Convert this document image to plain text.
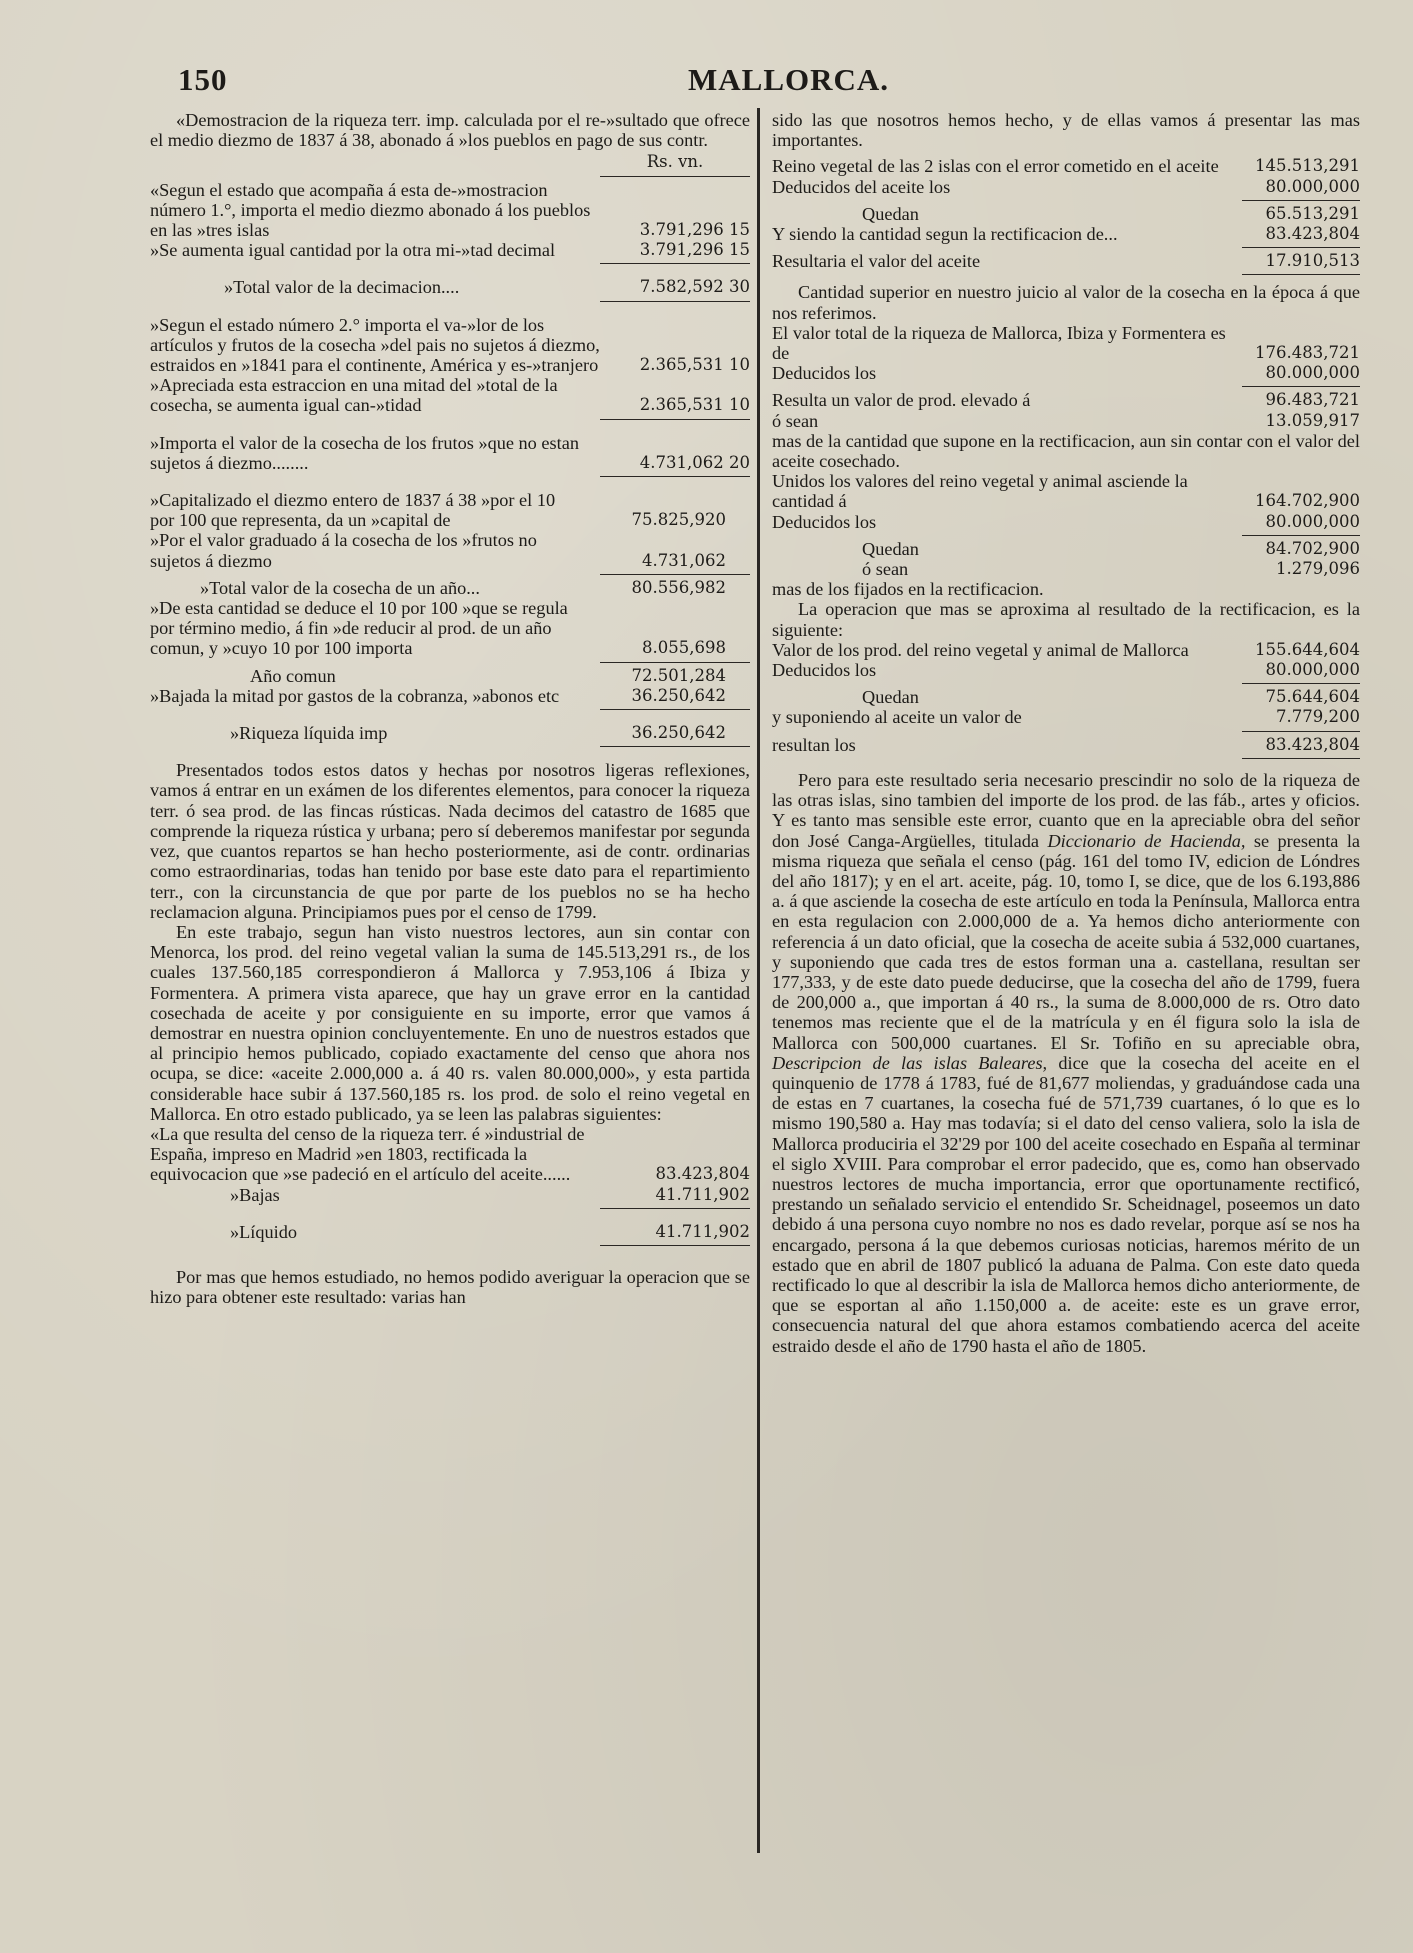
150	MALLORCA.

«Demostracion de la riqueza terr. imp. calculada por el re-»sultado que ofrece el medio diezmo de 1837 á 38, abonado á »los pueblos en pago de sus contr.

Rs. vn.
«Segun el estado que acompaña á esta de-»mostracion número 1.°, importa el medio diezmo abonado á los pueblos en las »tres islas	3.791,296 15
»Se aumenta igual cantidad por la otra mi-»tad decimal	3.791,296 15
»Total valor de la decimacion....	7.582,592 30
»Segun el estado número 2.° importa el va-»lor de los artículos y frutos de la cosecha »del pais no sujetos á diezmo, estraidos en »1841 para el continente, América y es-»tranjero	2.365,531 10
»Apreciada esta estraccion en una mitad del »total de la cosecha, se aumenta igual can-»tidad	2.365,531 10
»Importa el valor de la cosecha de los frutos »que no estan sujetos á diezmo........	4.731,062 20
»Capitalizado el diezmo entero de 1837 á 38 »por el 10 por 100 que representa, da un »capital de	75.825,920
»Por el valor graduado á la cosecha de los »frutos no sujetos á diezmo	4.731,062
»Total valor de la cosecha de un año...	80.556,982
»De esta cantidad se deduce el 10 por 100 »que se regula por término medio, á fin »de reducir al prod. de un año comun, y »cuyo 10 por 100 importa	8.055,698
Año comun	72.501,284
»Bajada la mitad por gastos de la cobranza, »abonos etc	36.250,642
»Riqueza líquida imp	36.250,642

Presentados todos estos datos y hechas por nosotros ligeras reflexiones, vamos á entrar en un exámen de los diferentes elementos, para conocer la riqueza terr. ó sea prod. de las fincas rústicas. Nada decimos del catastro de 1685 que comprende la riqueza rústica y urbana; pero sí deberemos manifestar por segunda vez, que cuantos repartos se han hecho posteriormente, asi de contr. ordinarias como estraordinarias, todas han tenido por base este dato para el repartimiento terr., con la circunstancia de que por parte de los pueblos no se ha hecho reclamacion alguna. Principiamos pues por el censo de 1799.

En este trabajo, segun han visto nuestros lectores, aun sin contar con Menorca, los prod. del reino vegetal valian la suma de 145.513,291 rs., de los cuales 137.560,185 correspondieron á Mallorca y 7.953,106 á Ibiza y Formentera. A primera vista aparece, que hay un grave error en la cantidad cosechada de aceite y por consiguiente en su importe, error que vamos á demostrar en nuestra opinion concluyentemente. En uno de nuestros estados que al principio hemos publicado, copiado exactamente del censo que ahora nos ocupa, se dice: «aceite 2.000,000 a. á 40 rs. valen 80.000,000», y esta partida considerable hace subir á 137.560,185 rs. los prod. de solo el reino vegetal en Mallorca. En otro estado publicado, ya se leen las palabras siguientes:

«La que resulta del censo de la riqueza terr. é »industrial de España, impreso en Madrid »en 1803, rectificada la equivocacion que »se padeció en el artículo del aceite......	83.423,804
»Bajas	41.711,902
»Líquido	41.711,902

Por mas que hemos estudiado, no hemos podido averiguar la operacion que se hizo para obtener este resultado: varias han

sido las que nosotros hemos hecho, y de ellas vamos á presentar las mas importantes.

Reino vegetal de las 2 islas con el error cometido en el aceite	145.513,291
Deducidos del aceite los	80.000,000
Quedan	65.513,291
Y siendo la cantidad segun la rectificacion de...	83.423,804
Resultaria el valor del aceite	17.910,513

Cantidad superior en nuestro juicio al valor de la cosecha en la época á que nos referimos.

El valor total de la riqueza de Mallorca, Ibiza y Formentera es de	176.483,721
Deducidos los	80.000,000
Resulta un valor de prod. elevado á	96.483,721
ó sean	13.059,917

mas de la cantidad que supone en la rectificacion, aun sin contar con el valor del aceite cosechado.

Unidos los valores del reino vegetal y animal asciende la cantidad á	164.702,900
Deducidos los	80.000,000
Quedan	84.702,900
ó sean	1.279,096

mas de los fijados en la rectificacion.

La operacion que mas se aproxima al resultado de la rectificacion, es la siguiente:

Valor de los prod. del reino vegetal y animal de Mallorca	155.644,604
Deducidos los	80.000,000
Quedan	75.644,604
y suponiendo al aceite un valor de	7.779,200
resultan los	83.423,804

Pero para este resultado seria necesario prescindir no solo de la riqueza de las otras islas, sino tambien del importe de los prod. de las fáb., artes y oficios. Y es tanto mas sensible este error, cuanto que en la apreciable obra del señor don José Canga-Argüelles, titulada Diccionario de Hacienda, se presenta la misma riqueza que señala el censo (pág. 161 del tomo IV, edicion de Lóndres del año 1817); y en el art. aceite, pág. 10, tomo I, se dice, que de los 6.193,886 a. á que asciende la cosecha de este artículo en toda la Península, Mallorca entra en esta regulacion con 2.000,000 de a. Ya hemos dicho anteriormente con referencia á un dato oficial, que la cosecha de aceite subia á 532,000 cuartanes, y suponiendo que cada tres de estos forman una a. castellana, resultan ser 177,333, y de este dato puede deducirse, que la cosecha del año de 1799, fuera de 200,000 a., que importan á 40 rs., la suma de 8.000,000 de rs. Otro dato tenemos mas reciente que el de la matrícula y en él figura solo la isla de Mallorca con 500,000 cuartanes. El Sr. Tofiño en su apreciable obra, Descripcion de las islas Baleares, dice que la cosecha del aceite en el quinquenio de 1778 á 1783, fué de 81,677 moliendas, y graduándose cada una de estas en 7 cuartanes, la cosecha fué de 571,739 cuartanes, ó lo que es lo mismo 190,580 a. Hay mas todavía; si el dato del censo valiera, solo la isla de Mallorca produciria el 32'29 por 100 del aceite cosechado en España al terminar el siglo XVIII. Para comprobar el error padecido, que es, como han observado nuestros lectores de mucha importancia, error que oportunamente rectificó, prestando un señalado servicio el entendido Sr. Scheidnagel, poseemos un dato debido á una persona cuyo nombre no nos es dado revelar, porque así se nos ha encargado, persona á la que debemos curiosas noticias, haremos mérito de un estado que en abril de 1807 publicó la aduana de Palma. Con este dato queda rectificado lo que al describir la isla de Mallorca hemos dicho anteriormente, de que se esportan al año 1.150,000 a. de aceite: este es un grave error, consecuencia natural del que ahora estamos combatiendo acerca del aceite estraido desde el año de 1790 hasta el año de 1805.
